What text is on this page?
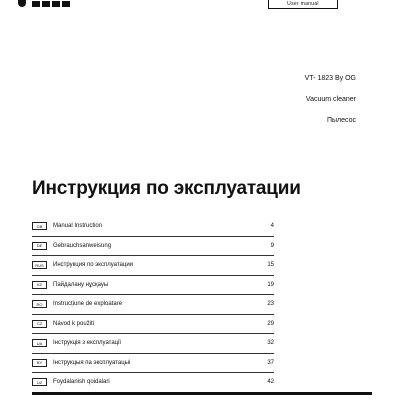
User manual
VT- 1823 By OG
Vacuum cleaner
Пылесос
Инструкция по эксплуатации
GB	Manual Instruction	4
DE	Gebrauchsanweisung	9
RUS	Инструкция по эксплуатации	15
KZ	Пайдалану нұсқауы	19
RO	Instrucțiune de exploatare	23
CZ	Návod k použití	29
UA	Інструкція з експлуатації	32
BY	Інструкцыя па эксплуатацыі	37
UZ	Foydalanish qoidalari	42
